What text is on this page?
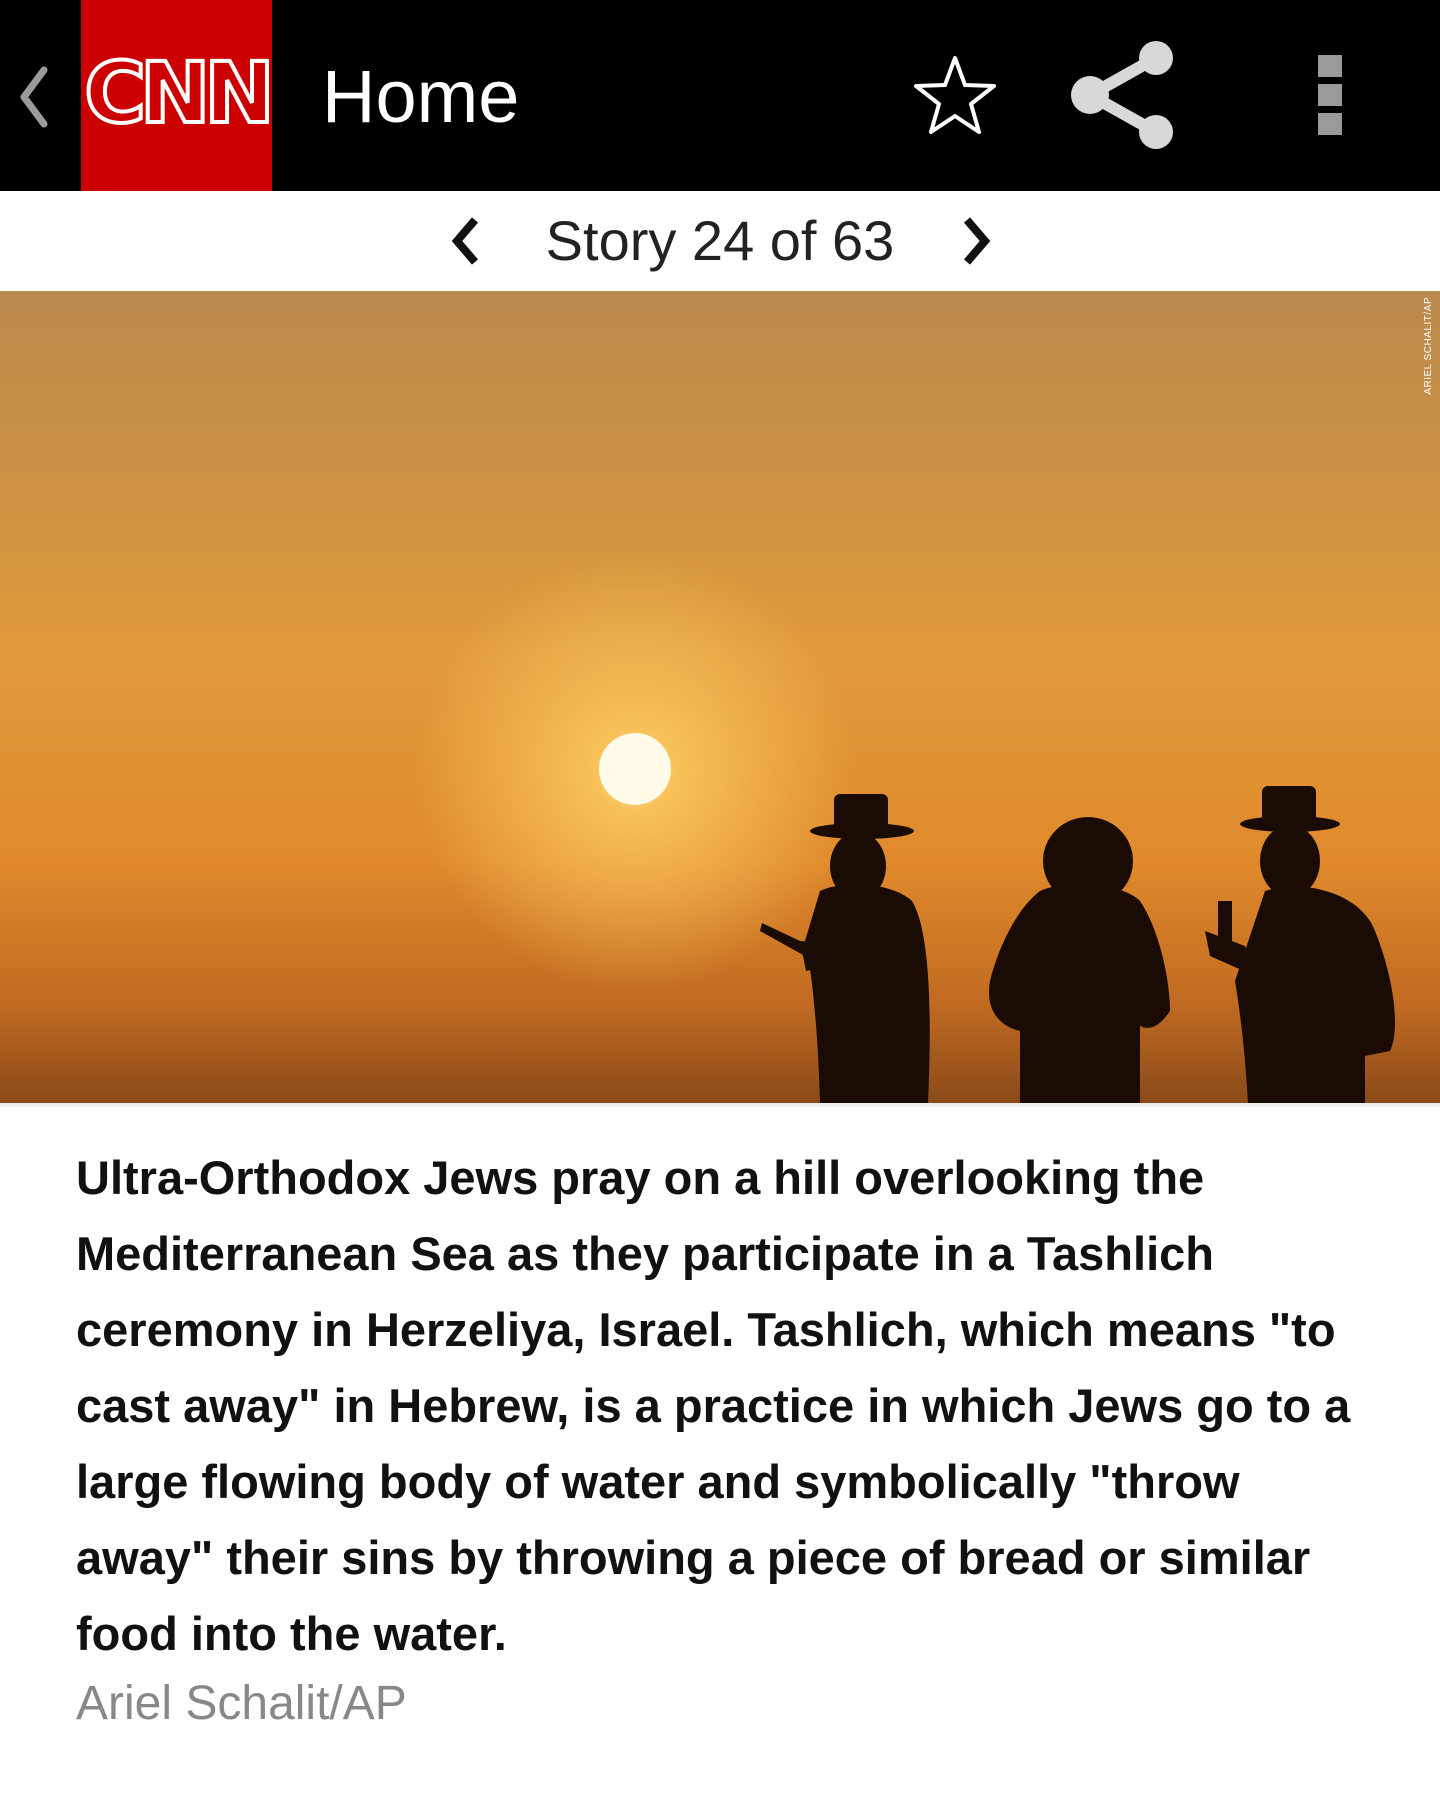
CNN Home
Story 24 of 63
ARIEL SCHALIT/AP

Ultra-Orthodox Jews pray on a hill overlooking the Mediterranean Sea as they participate in a Tashlich ceremony in Herzeliya, Israel. Tashlich, which means "to cast away" in Hebrew, is a practice in which Jews go to a large flowing body of water and symbolically "throw away" their sins by throwing a piece of bread or similar food into the water.

Ariel Schalit/AP
